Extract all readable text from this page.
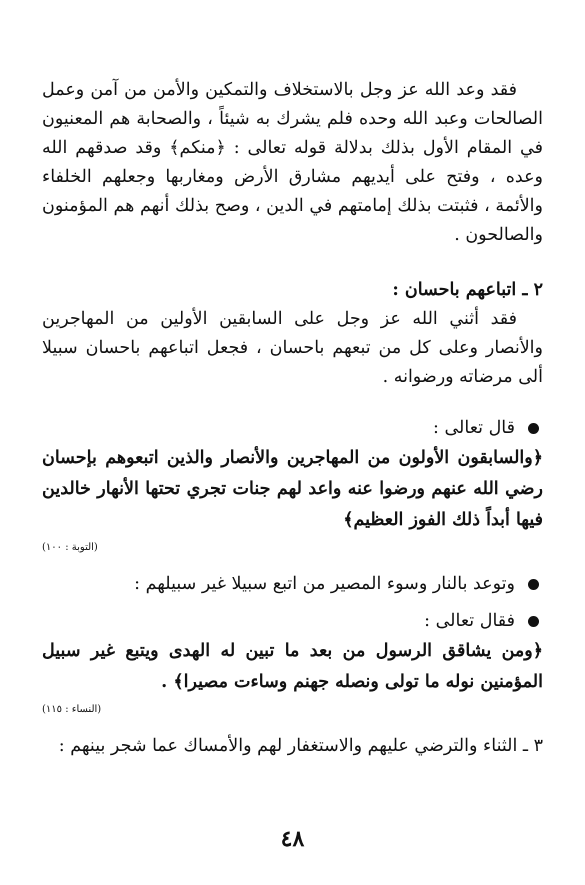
فقد وعد الله عز وجل بالاستخلاف والتمكين والأمن من آمن وعمل الصالحات وعبد الله وحده فلم يشرك به شيئاً ، والصحابة هم المعنيون في المقام الأول بذلك بدلالة قوله تعالى : ﴿منكم﴾ وقد صدقهم الله وعده ، وفتح على أيديهم مشارق الأرض ومغاربها وجعلهم الخلفاء والأئمة ، فثبتت بذلك إمامتهم في الدين ، وصح بذلك أنهم هم المؤمنون والصالحون .

٢ ـ اتباعهم باحسان :

فقد أثني الله عز وجل على السابقين الأولين من المهاجرين والأنصار وعلى كل من تبعهم باحسان ، فجعل اتباعهم باحسان سبيلا ألى مرضاته ورضوانه .

قال تعالى :

﴿والسابقون الأولون من المهاجرين والأنصار والذين اتبعوهم بإحسان رضي الله عنهم ورضوا عنه واعد لهم جنات تجري تحتها الأنهار خالدين فيها أبداً ذلك الفوز العظيم﴾

(التوبة : ١٠٠)

وتوعد بالنار وسوء المصير من اتبع سبيلا غير سبيلهم :
فقال تعالى :

﴿ومن يشاقق الرسول من بعد ما تبين له الهدى ويتبع غير سبيل المؤمنين نوله ما تولى ونصله جهنم وساءت مصيرا﴾ .

(النساء : ١١٥)

٣ ـ الثناء والترضي عليهم والاستغفار لهم والأمساك عما شجر بينهم :

٤٨
